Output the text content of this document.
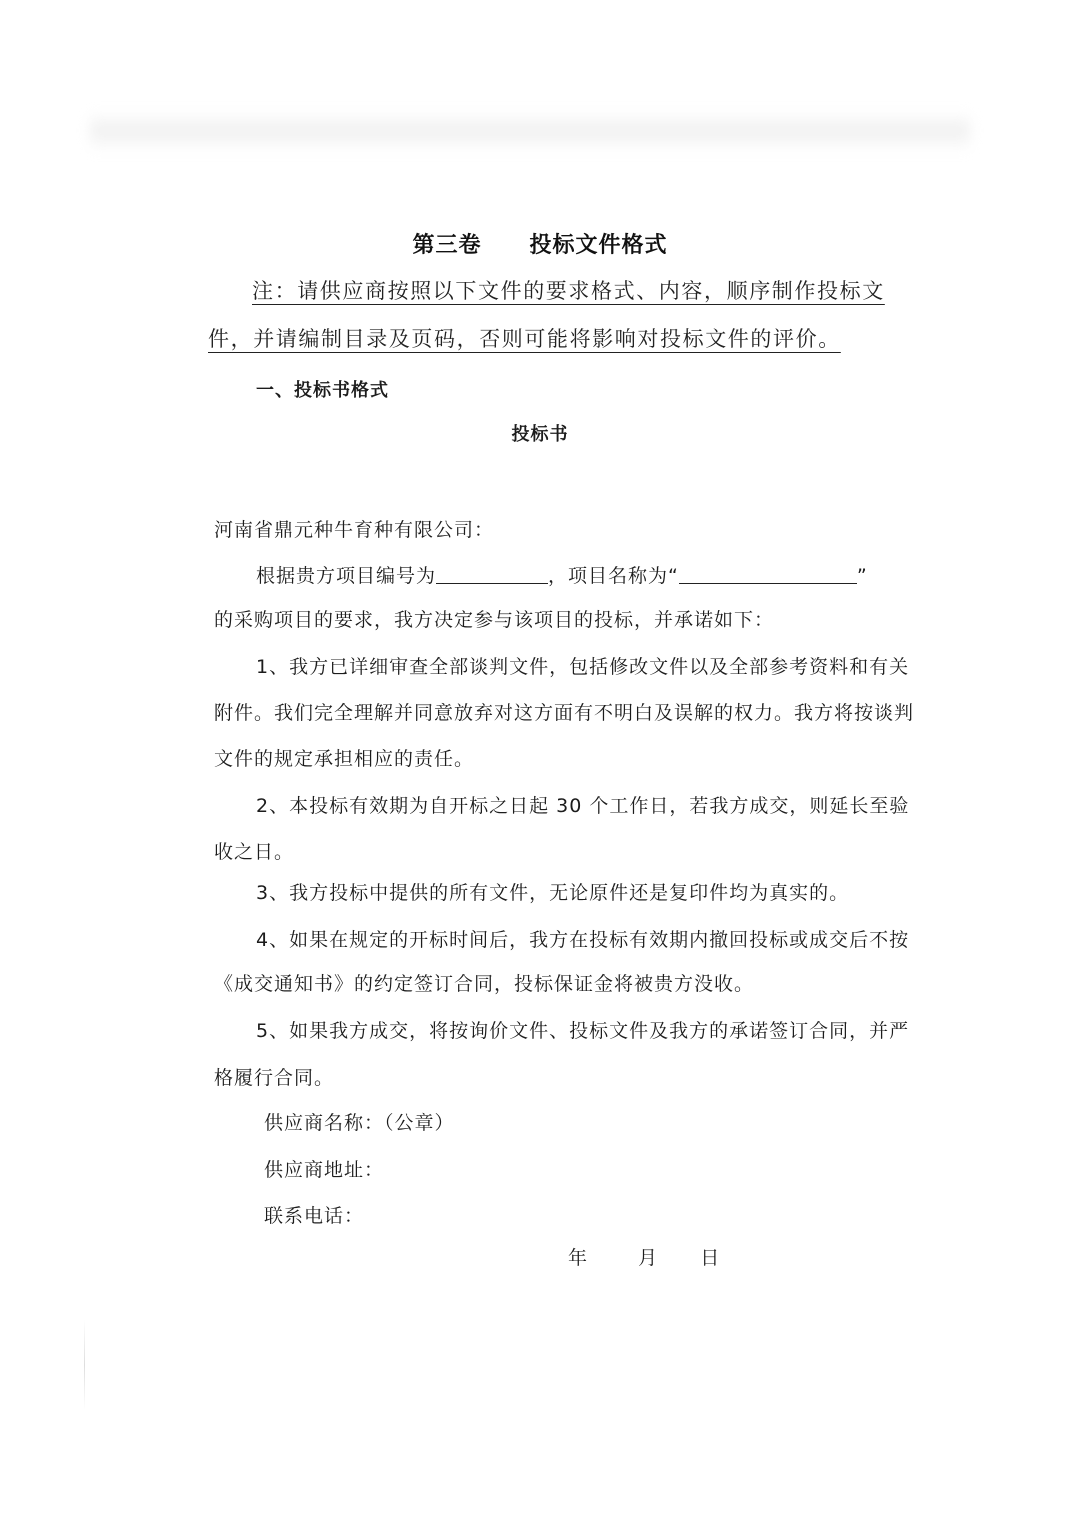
第三卷 投标文件格式
注：请供应商按照以下文件的要求格式、内容，顺序制作投标文
件，并请编制目录及页码，否则可能将影响对投标文件的评价。
一、投标书格式
投标书
河南省鼎元种牛育种有限公司：
根据贵方项目编号为	，项目名称为“	”
的采购项目的要求，我方决定参与该项目的投标，并承诺如下：
1、我方已详细审查全部谈判文件，包括修改文件以及全部参考资料和有关
附件。我们完全理解并同意放弃对这方面有不明白及误解的权力。我方将按谈判
文件的规定承担相应的责任。
2、本投标有效期为自开标之日起 30 个工作日，若我方成交，则延长至验
收之日。
3、我方投标中提供的所有文件，无论原件还是复印件均为真实的。
4、如果在规定的开标时间后，我方在投标有效期内撤回投标或成交后不按
《成交通知书》的约定签订合同，投标保证金将被贵方没收。
5、如果我方成交，将按询价文件、投标文件及我方的承诺签订合同，并严
格履行合同。
供应商名称：（公章）
供应商地址：
联系电话：
年	月 日
